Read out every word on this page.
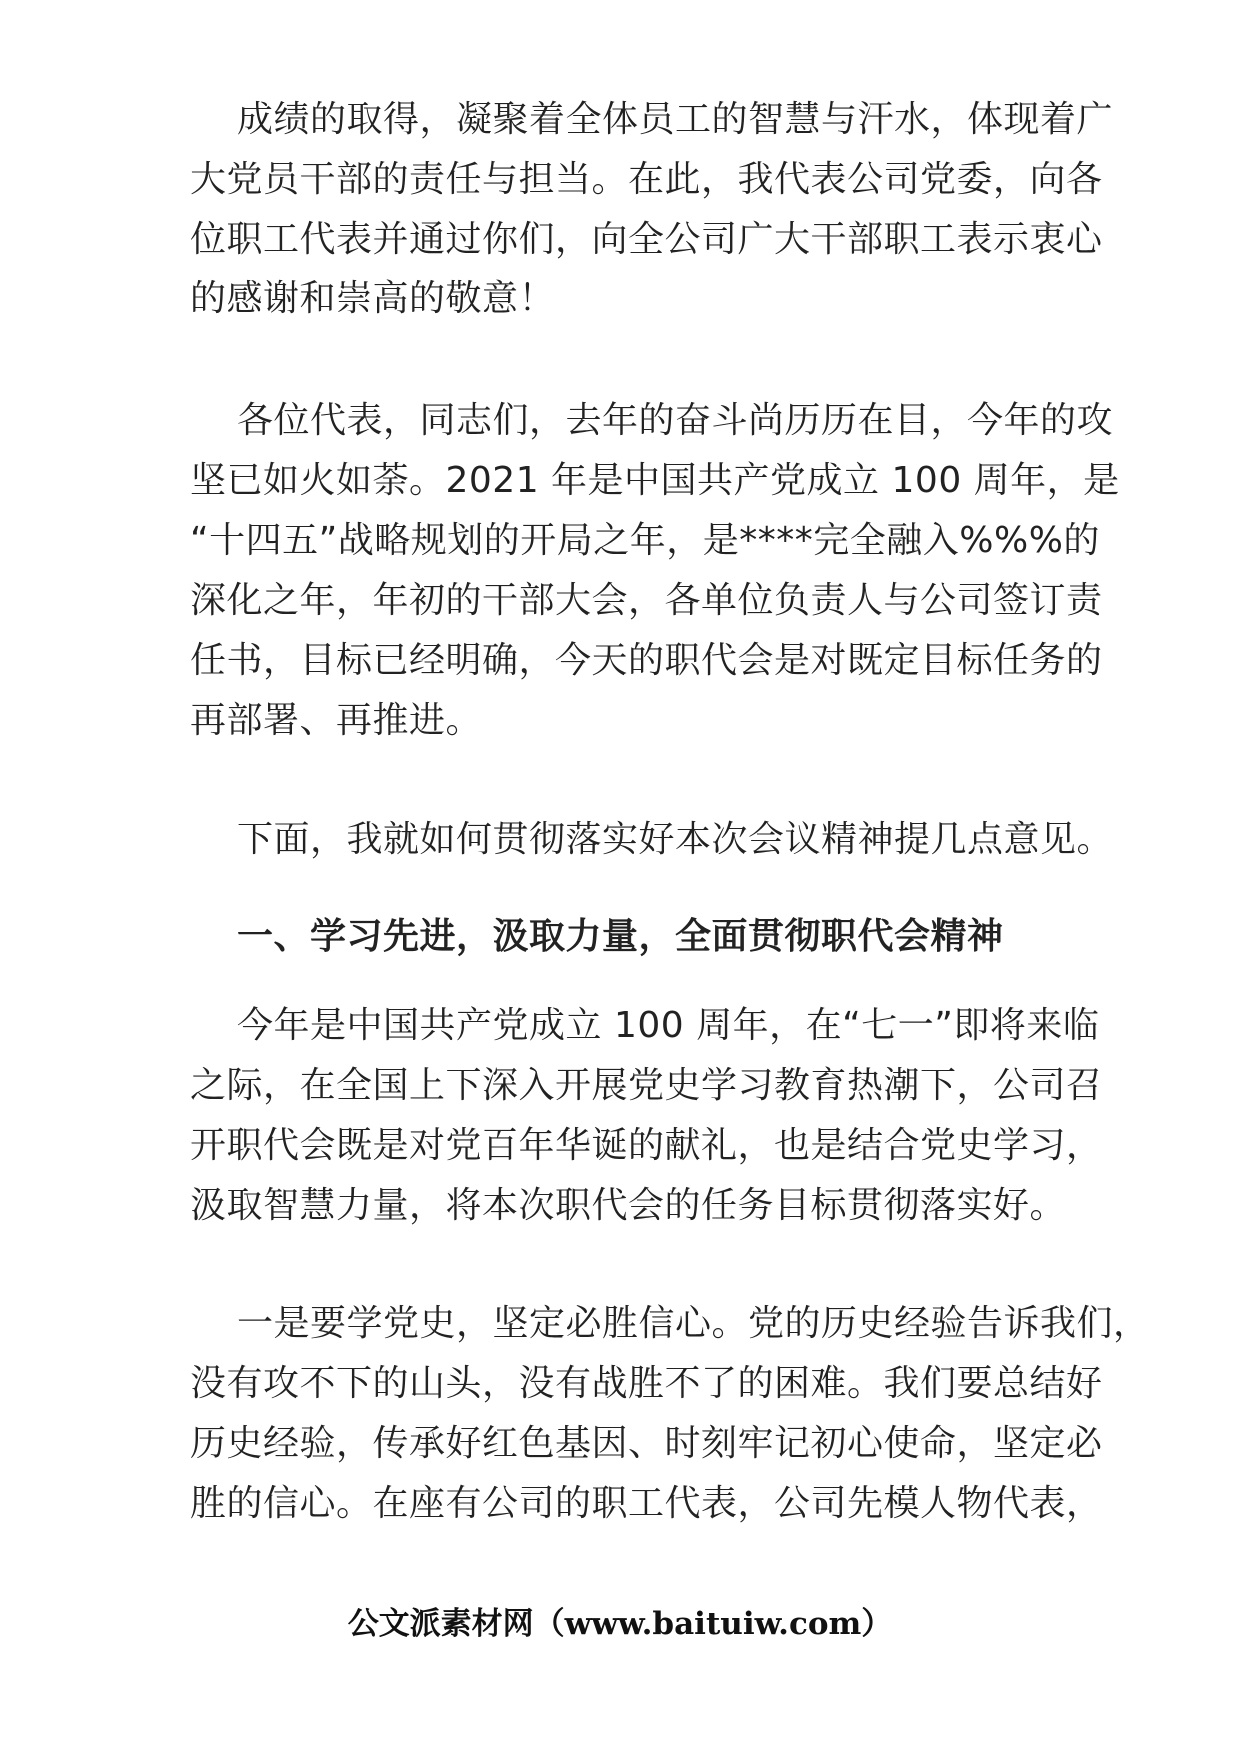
成绩的取得，凝聚着全体员工的智慧与汗水，体现着广
大党员干部的责任与担当。在此，我代表公司党委，向各
位职工代表并通过你们，向全公司广大干部职工表示衷心
的感谢和崇高的敬意！
各位代表，同志们，去年的奋斗尚历历在目，今年的攻
坚已如火如荼。2021 年是中国共产党成立 100 周年，是
“十四五”战略规划的开局之年，是****完全融入%%%的
深化之年，年初的干部大会，各单位负责人与公司签订责
任书，目标已经明确，今天的职代会是对既定目标任务的
再部署、再推进。
下面，我就如何贯彻落实好本次会议精神提几点意见。
一、学习先进，汲取力量，全面贯彻职代会精神
今年是中国共产党成立 100 周年，在“七一”即将来临
之际，在全国上下深入开展党史学习教育热潮下，公司召
开职代会既是对党百年华诞的献礼，也是结合党史学习，
汲取智慧力量，将本次职代会的任务目标贯彻落实好。
一是要学党史，坚定必胜信心。党的历史经验告诉我们，
没有攻不下的山头，没有战胜不了的困难。我们要总结好
历史经验，传承好红色基因、时刻牢记初心使命，坚定必
胜的信心。在座有公司的职工代表，公司先模人物代表，
公文派素材网（www.baituiw.com）
